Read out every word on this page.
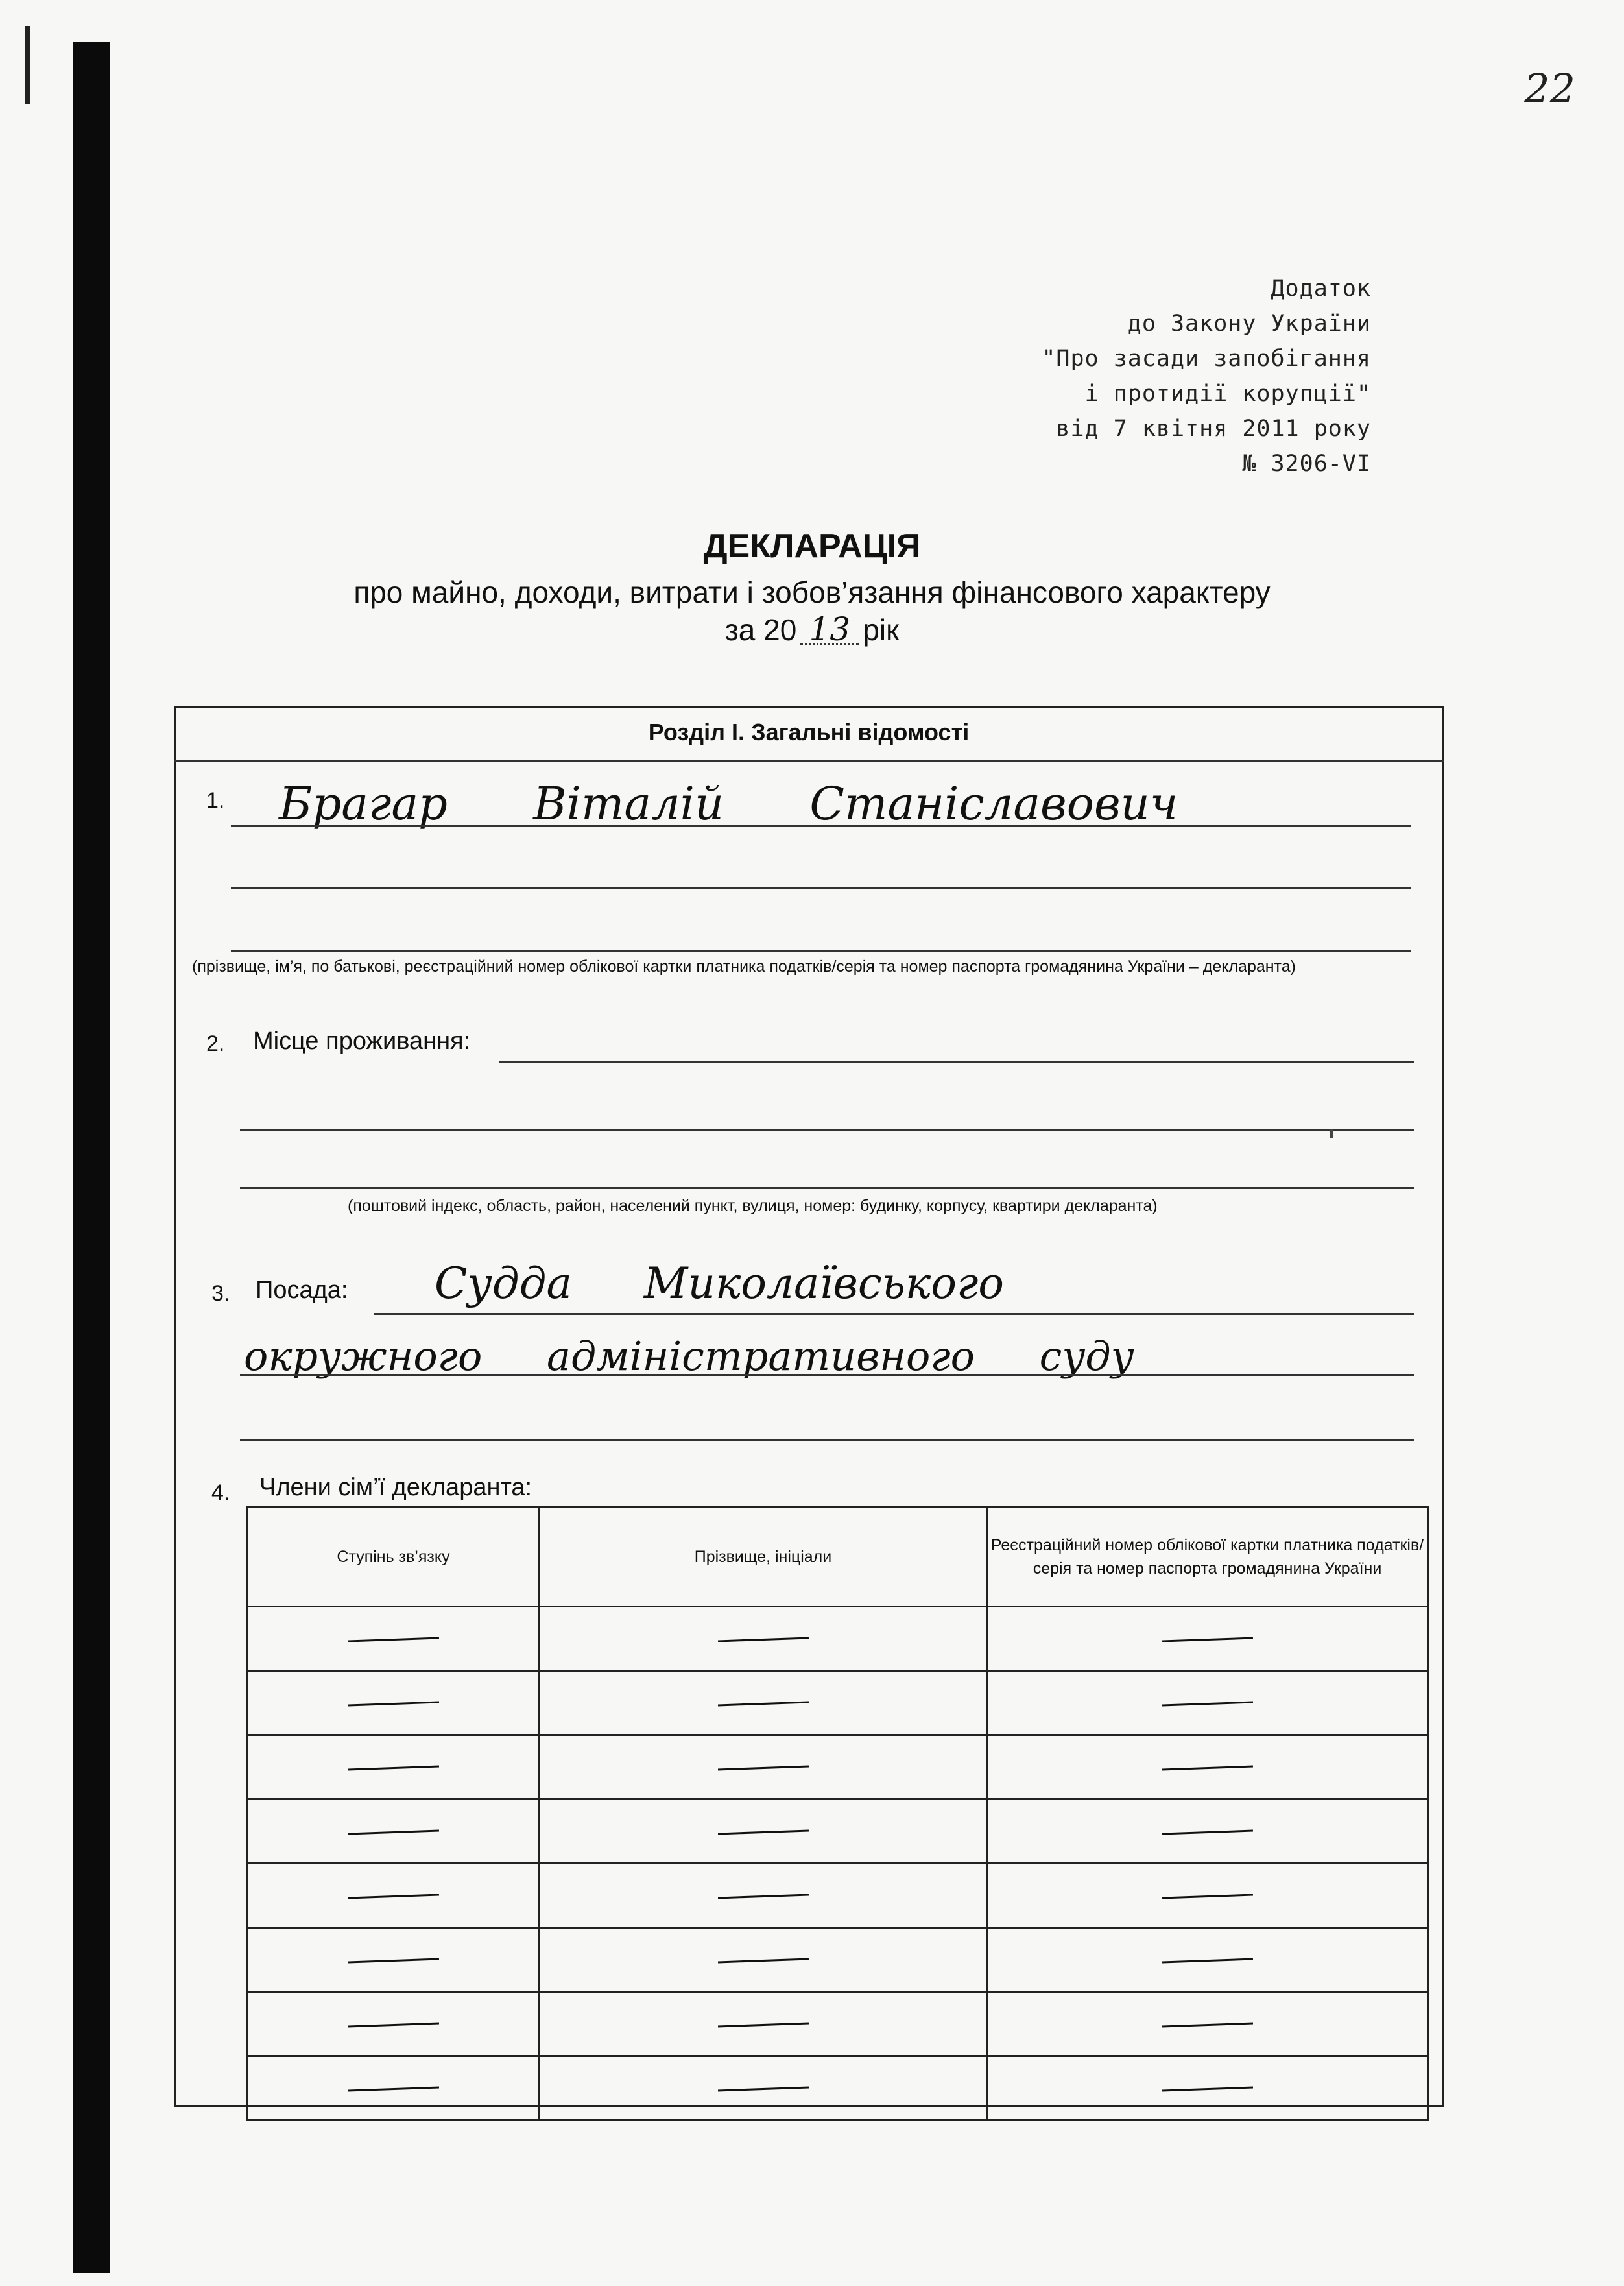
22
Додаток
до Закону України
"Про засади запобігання
і протидії корупції"
від 7 квітня 2011 року
№ 3206-VI
ДЕКЛАРАЦІЯ
про майно, доходи, витрати і зобов’язання фінансового характеру
за 20 13 рік
Розділ І. Загальні відомості
1. Брагар Віталій Станіславович
(прізвище, ім’я, по батькові, реєстраційний номер облікової картки платника податків/серія та номер паспорта громадянина України – декларанта)
2. Місце проживання:
(поштовий індекс, область, район, населений пункт, вулиця, номер: будинку, корпусу, квартири декларанта)
3. Посада: Судда Миколаївського
окружного адміністративного суду
4. Члени сім’ї декларанта:
Ступінь зв’язку	Прізвище, ініціали	Реєстраційний номер облікової картки платника податків/ серія та номер паспорта громадянина України
